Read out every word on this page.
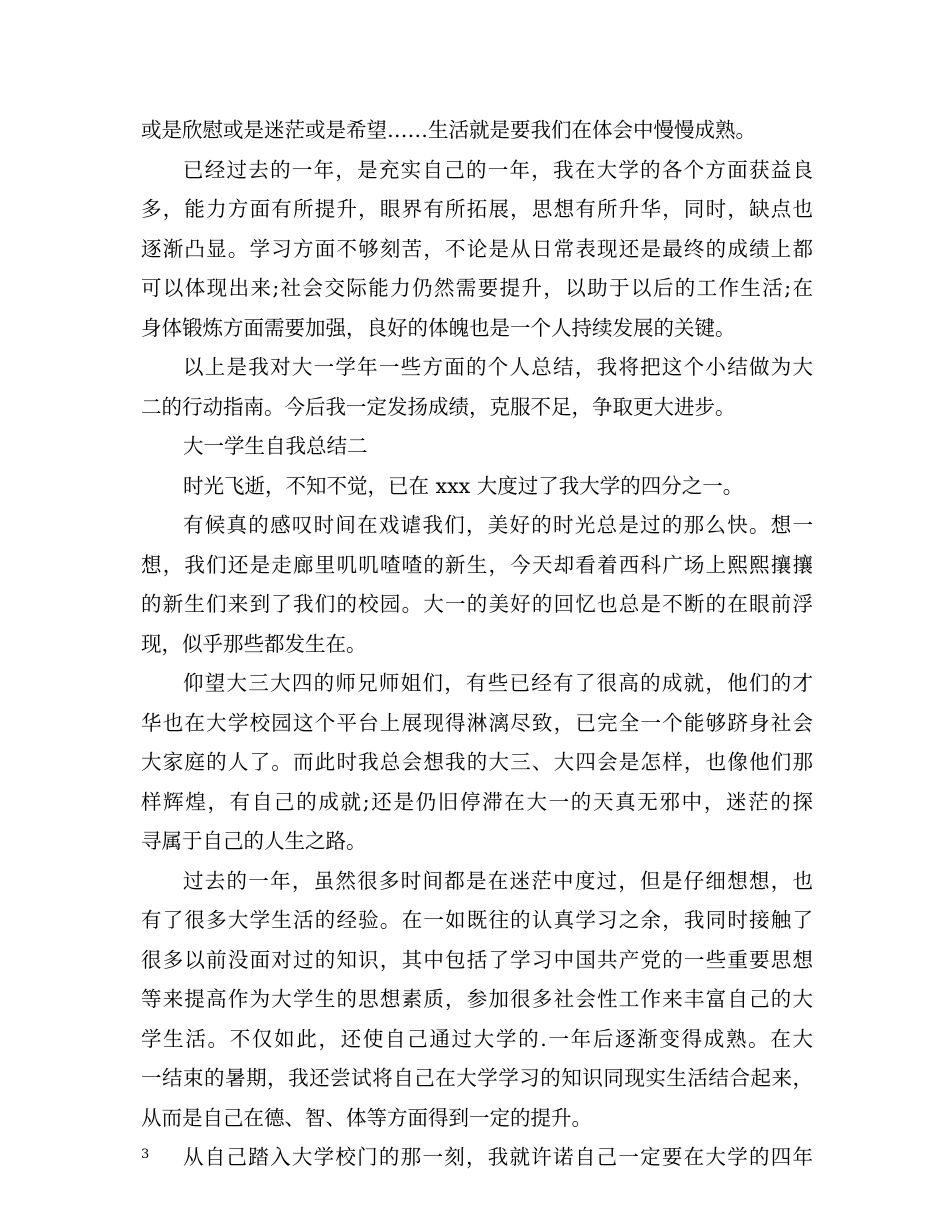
或是欣慰或是迷茫或是希望……生活就是要我们在体会中慢慢成熟。
已经过去的一年，是充实自己的一年，我在大学的各个方面获益良
多，能力方面有所提升，眼界有所拓展，思想有所升华，同时，缺点也
逐渐凸显。学习方面不够刻苦，不论是从日常表现还是最终的成绩上都
可以体现出来;社会交际能力仍然需要提升，以助于以后的工作生活;在
身体锻炼方面需要加强，良好的体魄也是一个人持续发展的关键。
以上是我对大一学年一些方面的个人总结，我将把这个小结做为大
二的行动指南。今后我一定发扬成绩，克服不足，争取更大进步。
大一学生自我总结二
时光飞逝，不知不觉，已在 xxx 大度过了我大学的四分之一。
有候真的感叹时间在戏谑我们，美好的时光总是过的那么快。想一
想，我们还是走廊里叽叽喳喳的新生，今天却看着西科广场上熙熙攘攘
的新生们来到了我们的校园。大一的美好的回忆也总是不断的在眼前浮
现，似乎那些都发生在。
仰望大三大四的师兄师姐们，有些已经有了很高的成就，他们的才
华也在大学校园这个平台上展现得淋漓尽致，已完全一个能够跻身社会
大家庭的人了。而此时我总会想我的大三、大四会是怎样，也像他们那
样辉煌，有自己的成就;还是仍旧停滞在大一的天真无邪中，迷茫的探
寻属于自己的人生之路。
过去的一年，虽然很多时间都是在迷茫中度过，但是仔细想想，也
有了很多大学生活的经验。在一如既往的认真学习之余，我同时接触了
很多以前没面对过的知识，其中包括了学习中国共产党的一些重要思想
等来提高作为大学生的思想素质，参加很多社会性工作来丰富自己的大
学生活。不仅如此，还使自己通过大学的.一年后逐渐变得成熟。在大
一结束的暑期，我还尝试将自己在大学学习的知识同现实生活结合起来，
从而是自己在德、智、体等方面得到一定的提升。
从自己踏入大学校门的那一刻，我就许诺自己一定要在大学的四年
3
